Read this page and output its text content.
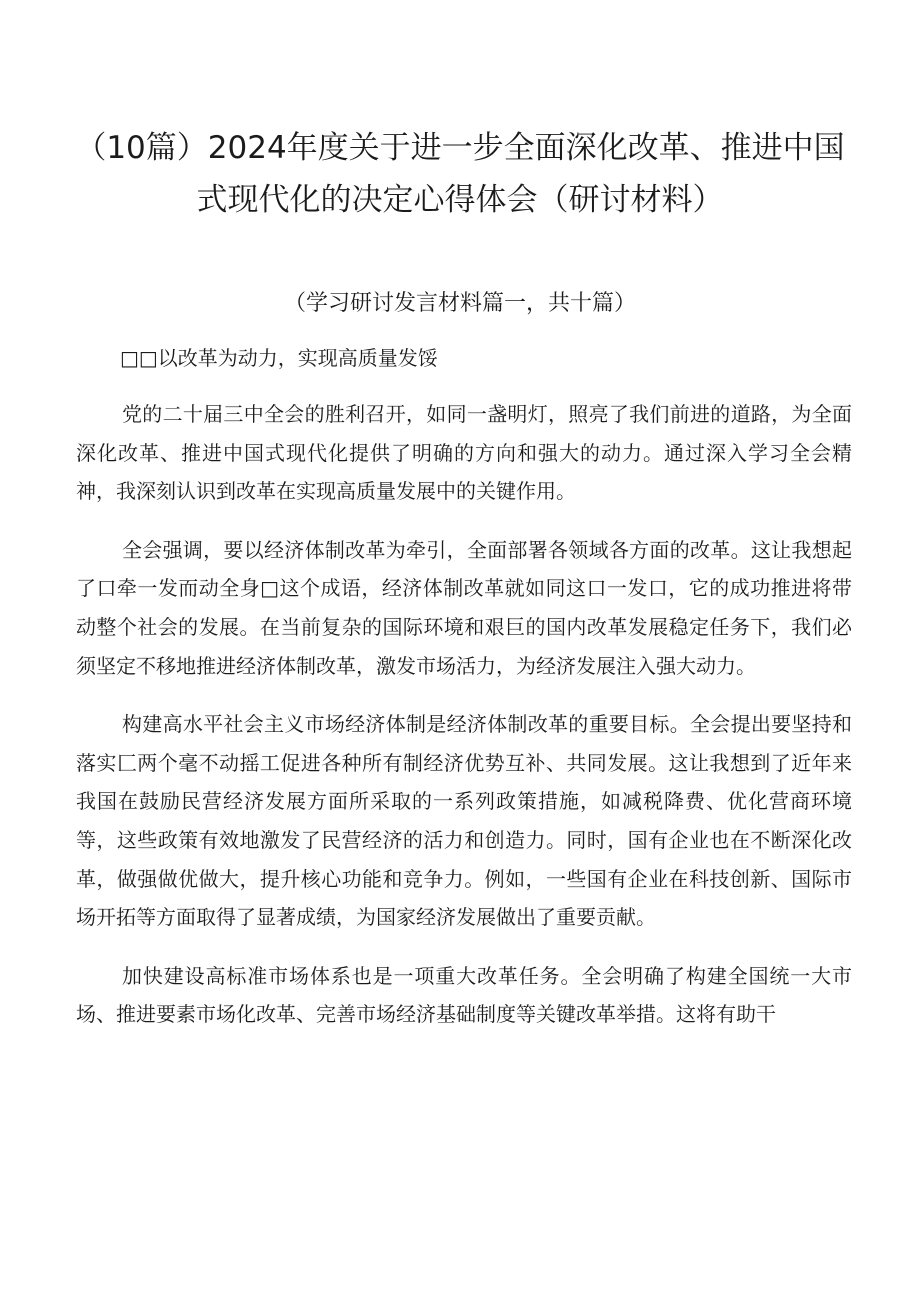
（10篇）2024年度关于进一步全面深化改革、推进中国式现代化的决定心得体会（研讨材料）
（学习研讨发言材料篇一，共十篇）
□□以改革为动力，实现高质量发馁

党的二十届三中全会的胜利召开，如同一盏明灯，照亮了我们前进的道路，为全面深化改革、推进中国式现代化提供了明确的方向和强大的动力。通过深入学习全会精神，我深刻认识到改革在实现高质量发展中的关键作用。

全会强调，要以经济体制改革为牵引，全面部署各领域各方面的改革。这让我想起了口牵一发而动全身□这个成语，经济体制改革就如同这口一发口，它的成功推进将带动整个社会的发展。在当前复杂的国际环境和艰巨的国内改革发展稳定任务下，我们必须坚定不移地推进经济体制改革，激发市场活力，为经济发展注入强大动力。

构建高水平社会主义市场经济体制是经济体制改革的重要目标。全会提出要坚持和落实匚两个毫不动摇工促进各种所有制经济优势互补、共同发展。这让我想到了近年来我国在鼓励民营经济发展方面所采取的一系列政策措施，如减税降费、优化营商环境等，这些政策有效地激发了民营经济的活力和创造力。同时，国有企业也在不断深化改革，做强做优做大，提升核心功能和竞争力。例如，一些国有企业在科技创新、国际市场开拓等方面取得了显著成绩，为国家经济发展做出了重要贡献。

加快建设高标准市场体系也是一项重大改革任务。全会明确了构建全国统一大市场、推进要素市场化改革、完善市场经济基础制度等关键改革举措。这将有助干
